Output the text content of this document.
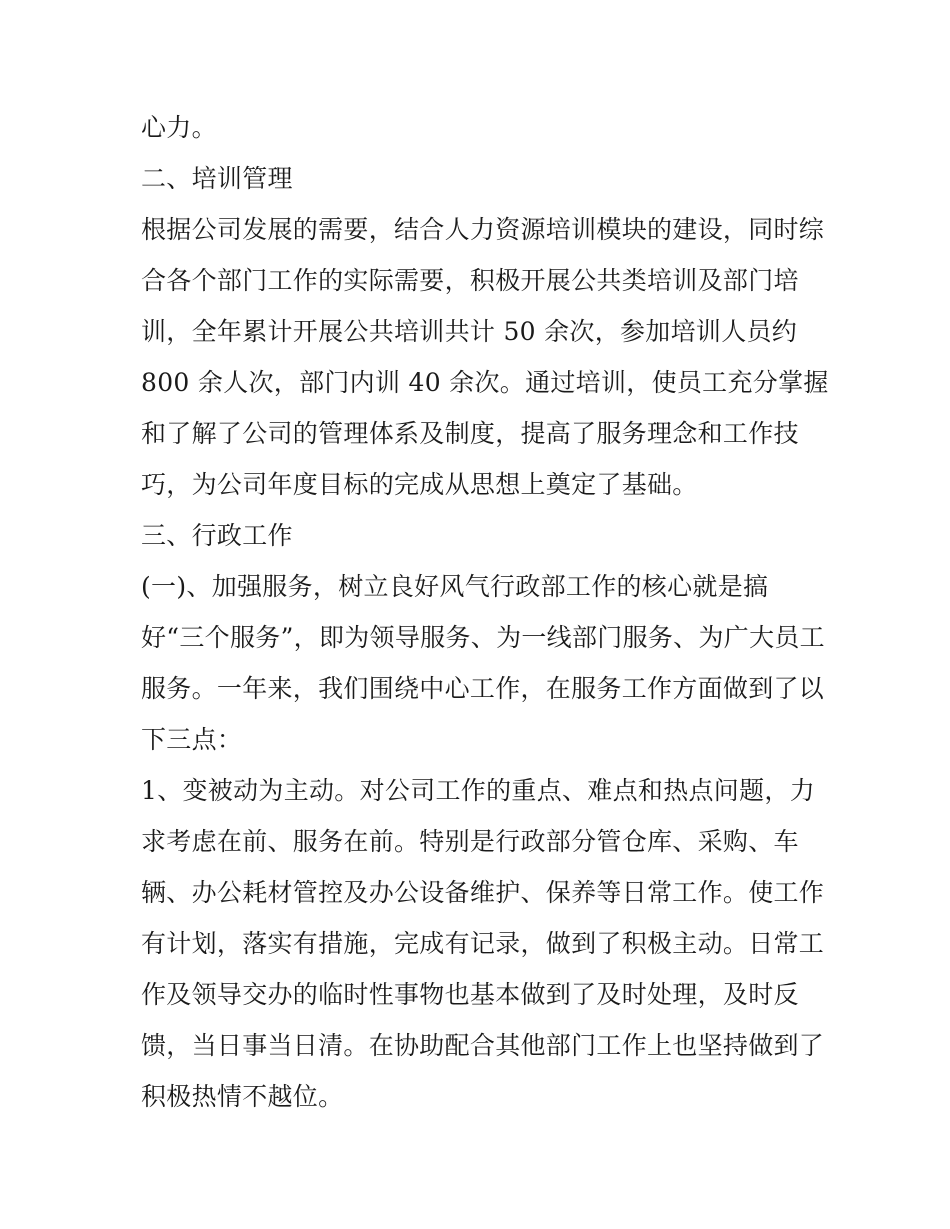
心力。

二、培训管理

根据公司发展的需要，结合人力资源培训模块的建设，同时综

合各个部门工作的实际需要，积极开展公共类培训及部门培

训，全年累计开展公共培训共计 50 余次，参加培训人员约

800 余人次，部门内训 40 余次。通过培训，使员工充分掌握

和了解了公司的管理体系及制度，提高了服务理念和工作技

巧，为公司年度目标的完成从思想上奠定了基础。

三、行政工作

(一)、加强服务，树立良好风气行政部工作的核心就是搞

好“三个服务”，即为领导服务、为一线部门服务、为广大员工

服务。一年来，我们围绕中心工作，在服务工作方面做到了以

下三点：

1、变被动为主动。对公司工作的重点、难点和热点问题，力

求考虑在前、服务在前。特别是行政部分管仓库、采购、车

辆、办公耗材管控及办公设备维护、保养等日常工作。使工作

有计划，落实有措施，完成有记录，做到了积极主动。日常工

作及领导交办的临时性事物也基本做到了及时处理，及时反

馈，当日事当日清。在协助配合其他部门工作上也坚持做到了

积极热情不越位。
